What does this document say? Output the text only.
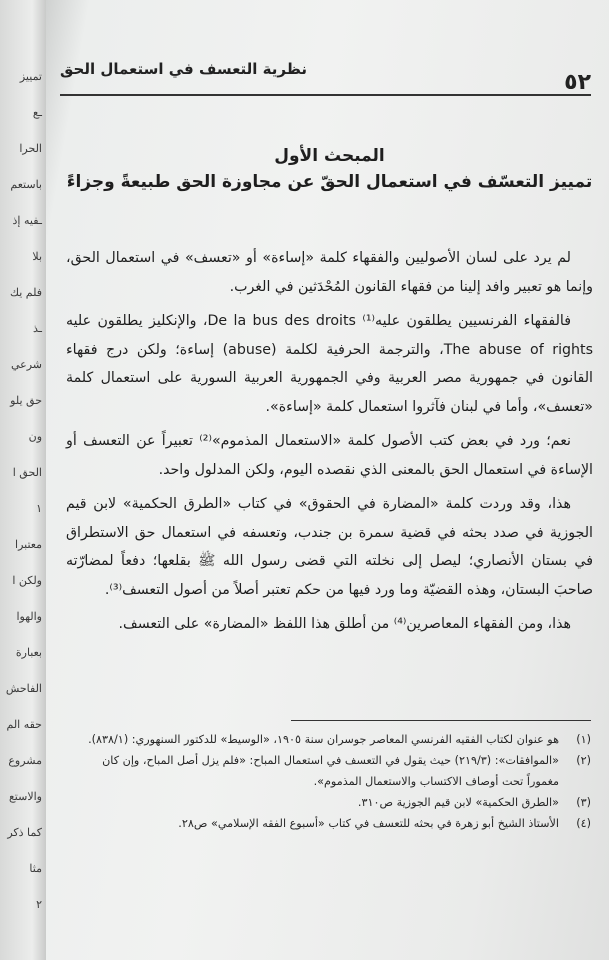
تمييز
ـع
الحرا
باستعم
ـفيه إذ
بلا
فلم يك
ـذ
شرعي
حق يلو
ون
الحق ا
١
معتبرا
ولكن ا
والهوا
بعبارة
الفاحش
حقه الم
مشروع
والاستع
كما ذكر
مثا
٢
٥٢
نظرية التعسف في استعمال الحق
المبحث الأول
تمييز التعسّف في استعمال الحقّ عن مجاوزة الحق طبيعةً وجزاءً

لم يرد على لسان الأصوليين والفقهاء كلمة «إساءة» أو «تعسف» في استعمال الحق، وإنما هو تعبير وافد إلينا من فقهاء القانون المُحْدَثين في الغرب.

فالفقهاء الفرنسيين يطلقون عليه⁽¹⁾ De la bus des droits، والإنكليز يطلقون عليه The abuse of rights، والترجمة الحرفية لكلمة (abuse) إساءة؛ ولكن درج فقهاء القانون في جمهورية مصر العربية وفي الجمهورية العربية السورية على استعمال كلمة «تعسف»، وأما في لبنان فآثروا استعمال كلمة «إساءة».

نعم؛ ورد في بعض كتب الأصول كلمة «الاستعمال المذموم»⁽²⁾ تعبيراً عن التعسف أو الإساءة في استعمال الحق بالمعنى الذي نقصده اليوم، ولكن المدلول واحد.

هذا، وقد وردت كلمة «المضارة في الحقوق» في كتاب «الطرق الحكمية» لابن قيم الجوزية في صدد بحثه في قضية سمرة بن جندب، وتعسفه في استعمال حق الاستطراق في بستان الأنصاري؛ ليصل إلى نخلته التي قضى رسول الله ﷺ بقلعها؛ دفعاً لمضارّته صاحبَ البستان، وهذه القضيّة وما ورد فيها من حكم تعتبر أصلاً من أصول التعسف⁽³⁾.

هذا، ومن الفقهاء المعاصرين⁽⁴⁾ من أطلق هذا اللفظ «المضارة» على التعسف.

(١)
هو عنوان لكتاب الفقيه الفرنسي المعاصر جوسران سنة ١٩٠٥، «الوسيط» للدكتور السنهوري: (٨٣٨/١).
(٢)
«الموافقات»: (٢١٩/٣) حيث يقول في التعسف في استعمال المباح: «فلم يزل أصل المباح، وإن كان مغموراً تحت أوصاف الاكتساب والاستعمال المذموم».
(٣)
«الطرق الحكمية» لابن قيم الجوزية ص٣١٠.
(٤)
الأستاذ الشيخ أبو زهرة في بحثه للتعسف في كتاب «أسبوع الفقه الإسلامي» ص٢٨.
